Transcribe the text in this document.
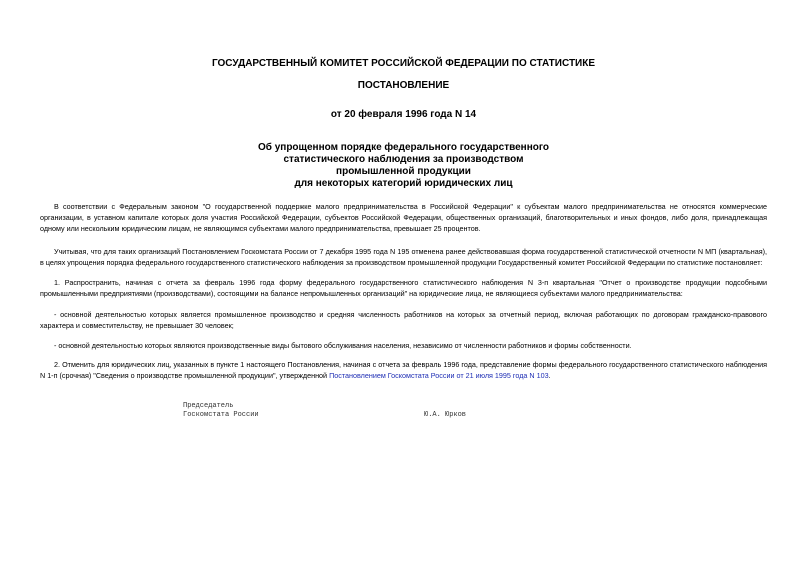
ГОСУДАРСТВЕННЫЙ КОМИТЕТ РОССИЙСКОЙ ФЕДЕРАЦИИ ПО СТАТИСТИКЕ
ПОСТАНОВЛЕНИЕ
от 20 февраля 1996 года N 14
Об упрощенном порядке федерального государственного
статистического наблюдения за производством
промышленной продукции
для некоторых категорий юридических лиц
В соответствии с Федеральным законом "О государственной поддержке малого предпринимательства в Российской Федерации" к субъектам малого предпринимательства не относятся коммерческие организации, в уставном капитале которых доля участия Российской Федерации, субъектов Российской Федерации, общественных организаций, благотворительных и иных фондов, либо доля, принадлежащая одному или нескольким юридическим лицам, не являющимся субъектами малого предпринимательства, превышает 25 процентов.
Учитывая, что для таких организаций Постановлением Госкомстата России от 7 декабря 1995 года N 195 отменена ранее действовавшая форма государственной статистической отчетности N МП (квартальная), в целях упрощения порядка федерального государственного статистического наблюдения за производством промышленной продукции Государственный комитет Российской Федерации по статистике постановляет:
1. Распространить, начиная с отчета за февраль 1996 года форму федерального государственного статистического наблюдения N 3-п квартальная "Отчет о производстве продукции подсобными промышленными предприятиями (производствами), состоящими на балансе непромышленных организаций" на юридические лица, не являющиеся субъектами малого предпринимательства:
- основной деятельностью которых является промышленное производство и средняя численность работников на которых за отчетный период, включая работающих по договорам гражданско-правового характера и совместительству, не превышает 30 человек;
- основной деятельностью которых являются производственные виды бытового обслуживания населения, независимо от численности работников и формы собственности.
2. Отменить для юридических лиц, указанных в пункте 1 настоящего Постановления, начиная с отчета за февраль 1996 года, представление формы федерального государственного статистического наблюдения N 1-п (срочная) "Сведения о производстве промышленной продукции", утвержденной Постановлением Госкомстата России от 21 июля 1995 года N 103.
Председатель
Госкомстата России	Ю.А. Юрков
